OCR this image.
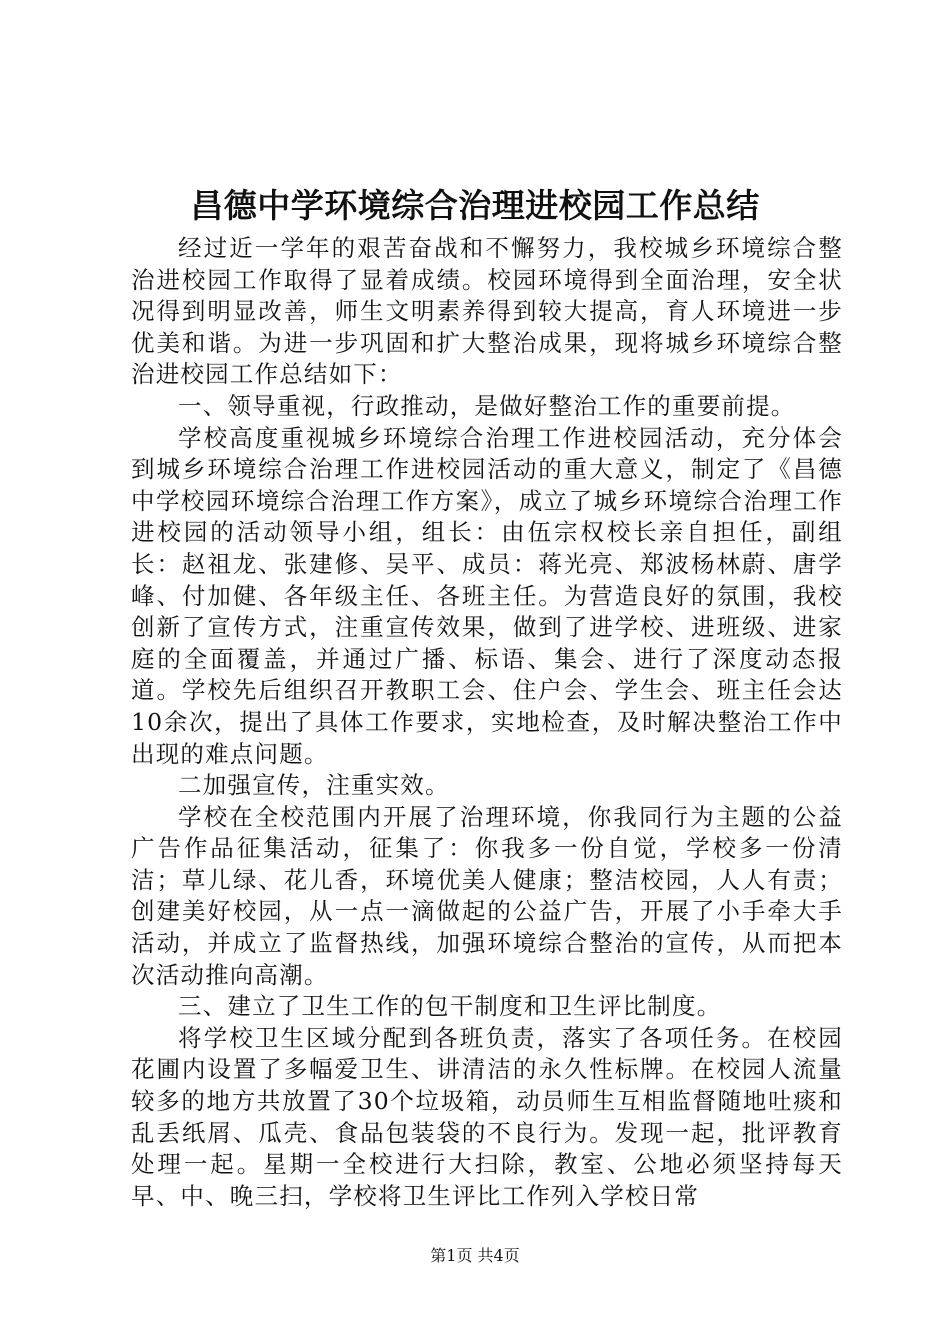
昌德中学环境综合治理进校园工作总结

经过近一学年的艰苦奋战和不懈努力，我校城乡环境综合整治进校园工作取得了显着成绩。校园环境得到全面治理，安全状况得到明显改善，师生文明素养得到较大提高，育人环境进一步优美和谐。为进一步巩固和扩大整治成果，现将城乡环境综合整治进校园工作总结如下：

一、领导重视，行政推动，是做好整治工作的重要前提。

学校高度重视城乡环境综合治理工作进校园活动，充分体会到城乡环境综合治理工作进校园活动的重大意义，制定了《昌德中学校园环境综合治理工作方案》，成立了城乡环境综合治理工作进校园的活动领导小组，组长：由伍宗权校长亲自担任，副组长：赵祖龙、张建修、吴平、成员：蒋光亮、郑波杨林蔚、唐学峰、付加健、各年级主任、各班主任。为营造良好的氛围，我校创新了宣传方式，注重宣传效果，做到了进学校、进班级、进家庭的全面覆盖，并通过广播、标语、集会、进行了深度动态报道。学校先后组织召开教职工会、住户会、学生会、班主任会达10余次，提出了具体工作要求，实地检查，及时解决整治工作中出现的难点问题。

二加强宣传，注重实效。

学校在全校范围内开展了治理环境，你我同行为主题的公益广告作品征集活动，征集了：你我多一份自觉，学校多一份清洁；草儿绿、花儿香，环境优美人健康；整洁校园，人人有责；创建美好校园，从一点一滴做起的公益广告，开展了小手牵大手活动，并成立了监督热线，加强环境综合整治的宣传，从而把本次活动推向高潮。

三、建立了卫生工作的包干制度和卫生评比制度。

将学校卫生区域分配到各班负责，落实了各项任务。在校园花圃内设置了多幅爱卫生、讲清洁的永久性标牌。在校园人流量较多的地方共放置了30个垃圾箱，动员师生互相监督随地吐痰和乱丢纸屑、瓜壳、食品包装袋的不良行为。发现一起，批评教育处理一起。星期一全校进行大扫除，教室、公地必须坚持每天早、中、晚三扫，学校将卫生评比工作列入学校日常

第1页 共4页
